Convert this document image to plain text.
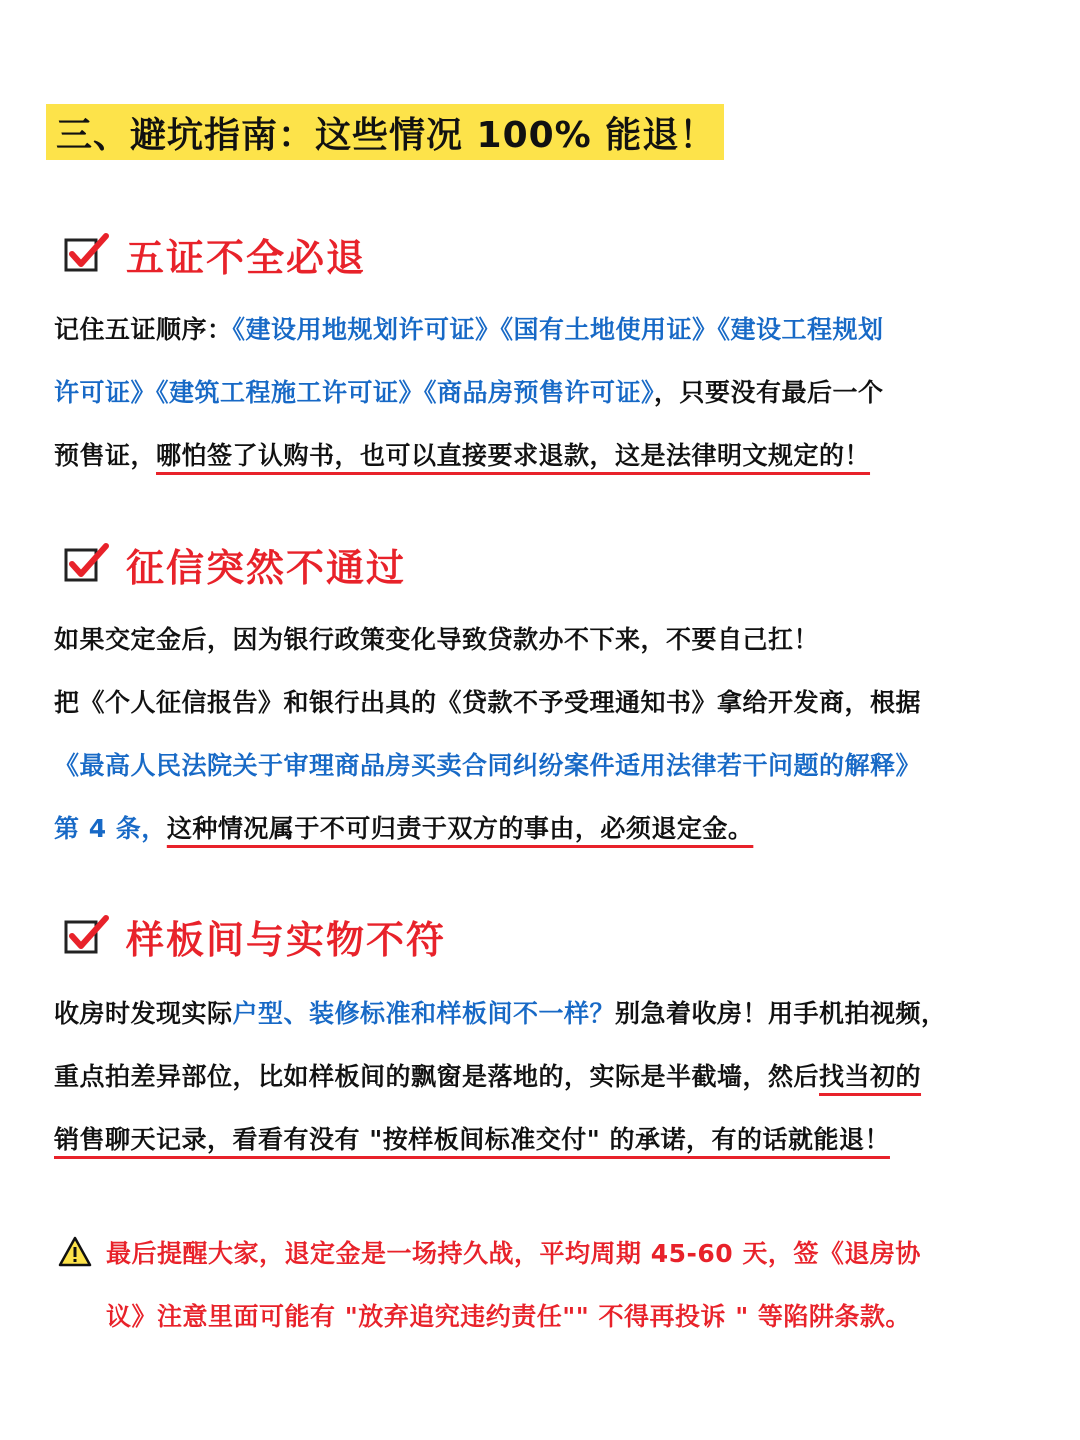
三、避坑指南：这些情况 100% 能退！
五证不全必退
记住五证顺序：《建设用地规划许可证》《国有土地使用证》《建设工程规划
许可证》《建筑工程施工许可证》《商品房预售许可证》，只要没有最后一个
预售证，哪怕签了认购书，也可以直接要求退款，这是法律明文规定的！
征信突然不通过
如果交定金后，因为银行政策变化导致贷款办不下来，不要自己扛！
把《个人征信报告》和银行出具的《贷款不予受理通知书》拿给开发商，根据
《最高人民法院关于审理商品房买卖合同纠纷案件适用法律若干问题的解释》
第 4 条，这种情况属于不可归责于双方的事由，必须退定金。
样板间与实物不符
收房时发现实际户型、装修标准和样板间不一样？别急着收房！用手机拍视频，
重点拍差异部位，比如样板间的飘窗是落地的，实际是半截墙，然后找当初的
销售聊天记录，看看有没有 "按样板间标准交付" 的承诺，有的话就能退！
最后提醒大家，退定金是一场持久战，平均周期 45-60 天，签《退房协
议》注意里面可能有 "放弃追究违约责任"" 不得再投诉 " 等陷阱条款。
